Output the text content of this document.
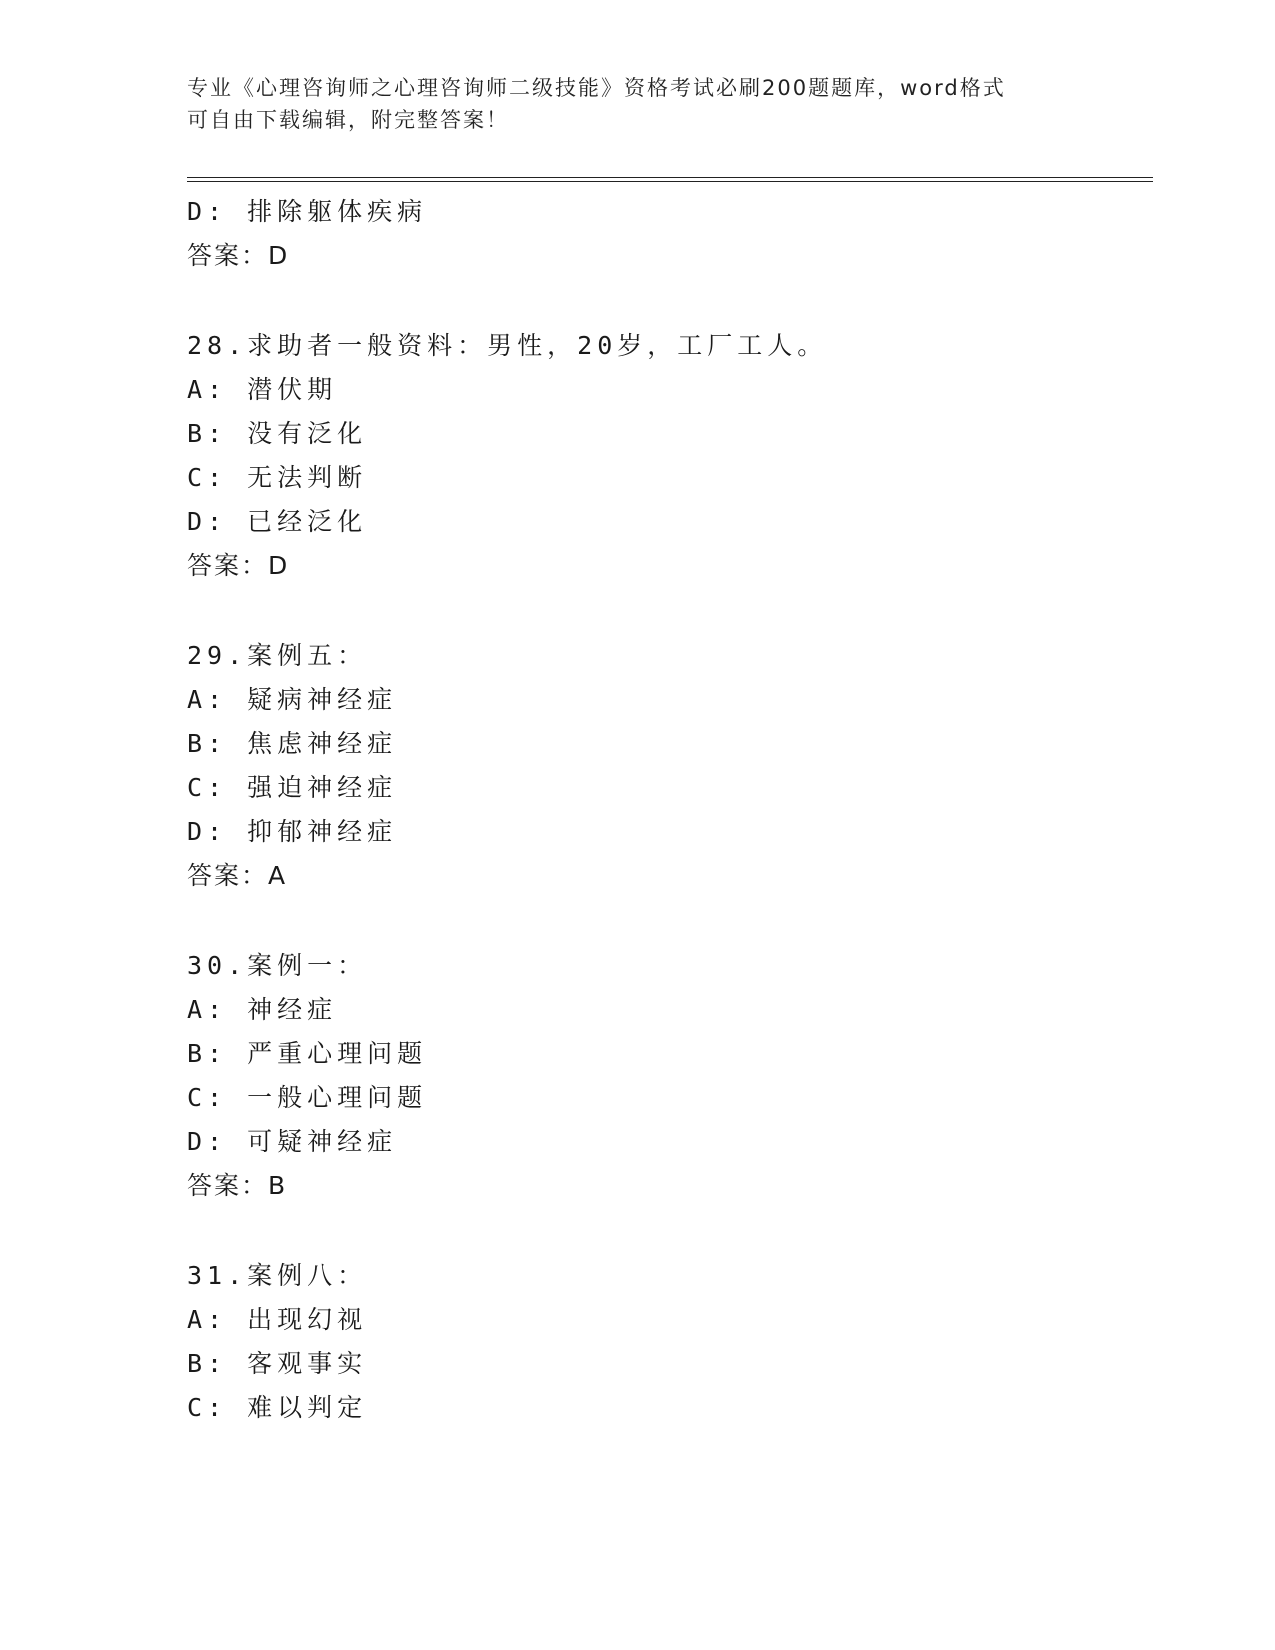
专业《心理咨询师之心理咨询师二级技能》资格考试必刷200题题库，word格式
可自由下载编辑，附完整答案！
D: 排除躯体疾病
答案：D
28.求助者一般资料：男性，20岁，工厂工人。
A: 潜伏期
B: 没有泛化
C: 无法判断
D: 已经泛化
答案：D
29.案例五：
A: 疑病神经症
B: 焦虑神经症
C: 强迫神经症
D: 抑郁神经症
答案：A
30.案例一：
A: 神经症
B: 严重心理问题
C: 一般心理问题
D: 可疑神经症
答案：B
31.案例八：
A: 出现幻视
B: 客观事实
C: 难以判定
